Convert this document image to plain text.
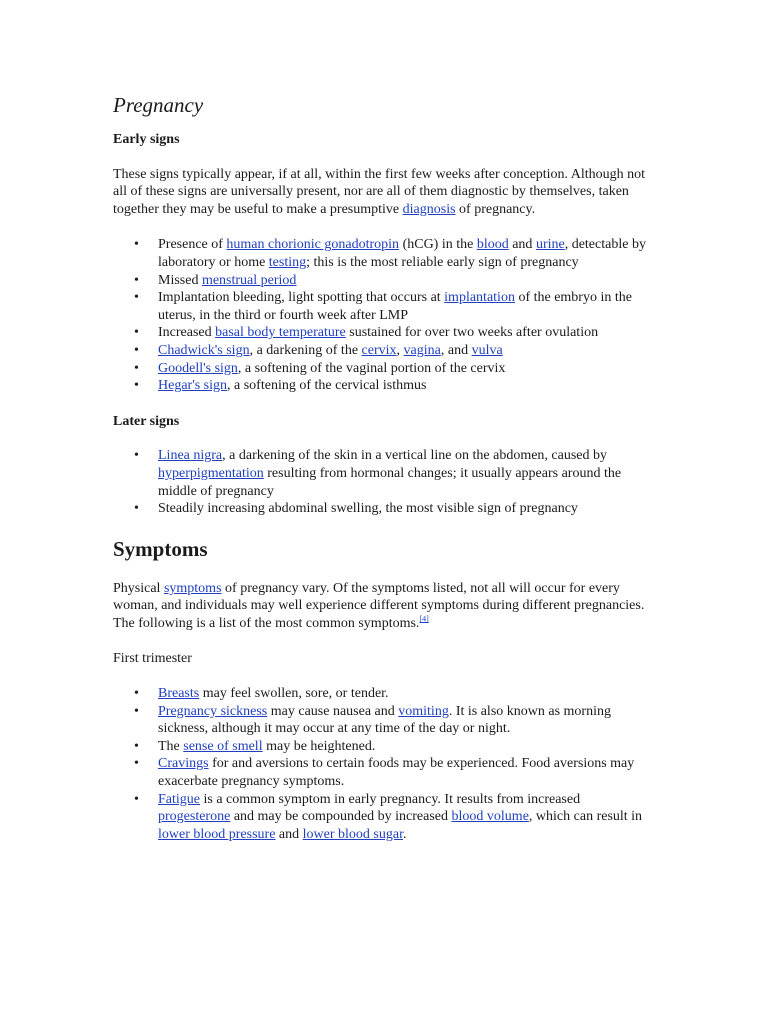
Pregnancy
Early signs

These signs typically appear, if at all, within the first few weeks after conception. Although not all of these signs are universally present, nor are all of them diagnostic by themselves, taken together they may be useful to make a presumptive diagnosis of pregnancy.

• Presence of human chorionic gonadotropin (hCG) in the blood and urine, detectable by laboratory or home testing; this is the most reliable early sign of pregnancy
• Missed menstrual period
• Implantation bleeding, light spotting that occurs at implantation of the embryo in the uterus, in the third or fourth week after LMP
• Increased basal body temperature sustained for over two weeks after ovulation
• Chadwick's sign, a darkening of the cervix, vagina, and vulva
• Goodell's sign, a softening of the vaginal portion of the cervix
• Hegar's sign, a softening of the cervical isthmus
Later signs
• Linea nigra, a darkening of the skin in a vertical line on the abdomen, caused by hyperpigmentation resulting from hormonal changes; it usually appears around the middle of pregnancy
• Steadily increasing abdominal swelling, the most visible sign of pregnancy
Symptoms

Physical symptoms of pregnancy vary. Of the symptoms listed, not all will occur for every woman, and individuals may well experience different symptoms during different pregnancies. The following is a list of the most common symptoms.[4]

First trimester

• Breasts may feel swollen, sore, or tender.
• Pregnancy sickness may cause nausea and vomiting. It is also known as morning sickness, although it may occur at any time of the day or night.
• The sense of smell may be heightened.
• Cravings for and aversions to certain foods may be experienced. Food aversions may exacerbate pregnancy symptoms.
• Fatigue is a common symptom in early pregnancy. It results from increased progesterone and may be compounded by increased blood volume, which can result in lower blood pressure and lower blood sugar.
